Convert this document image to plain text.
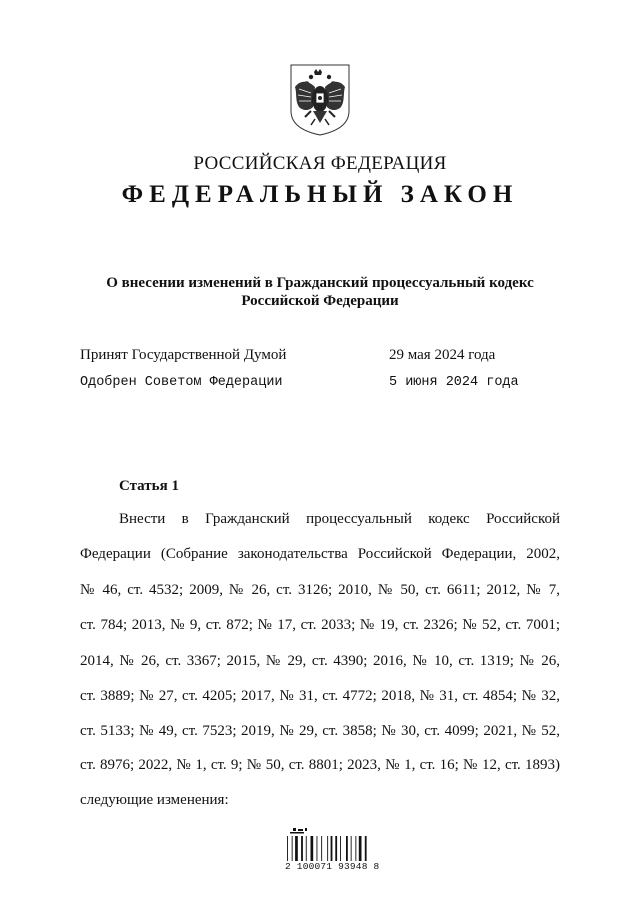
РОССИЙСКАЯ ФЕДЕРАЦИЯ
ФЕДЕРАЛЬНЫЙ ЗАКОН
О внесении изменений в Гражданский процессуальный кодекс
Российской Федерации
Принят Государственной Думой	29 мая 2024 года
Одобрен Советом Федерации	5 июня 2024 года
Статья 1
Внести в Гражданский процессуальный кодекс Российской
Федерации (Собрание законодательства Российской Федерации, 2002,
№ 46, ст. 4532; 2009, № 26, ст. 3126; 2010, № 50, ст. 6611; 2012, № 7,
ст. 784; 2013, № 9, ст. 872; № 17, ст. 2033; № 19, ст. 2326; № 52, ст. 7001;
2014, № 26, ст. 3367; 2015, № 29, ст. 4390; 2016, № 10, ст. 1319; № 26,
ст. 3889; № 27, ст. 4205; 2017, № 31, ст. 4772; 2018, № 31, ст. 4854; № 32,
ст. 5133; № 49, ст. 7523; 2019, № 29, ст. 3858; № 30, ст. 4099; 2021, № 52,
ст. 8976; 2022, № 1, ст. 9; № 50, ст. 8801; 2023, № 1, ст. 16; № 12, ст. 1893)
следующие изменения:
2 100071 93948 8
